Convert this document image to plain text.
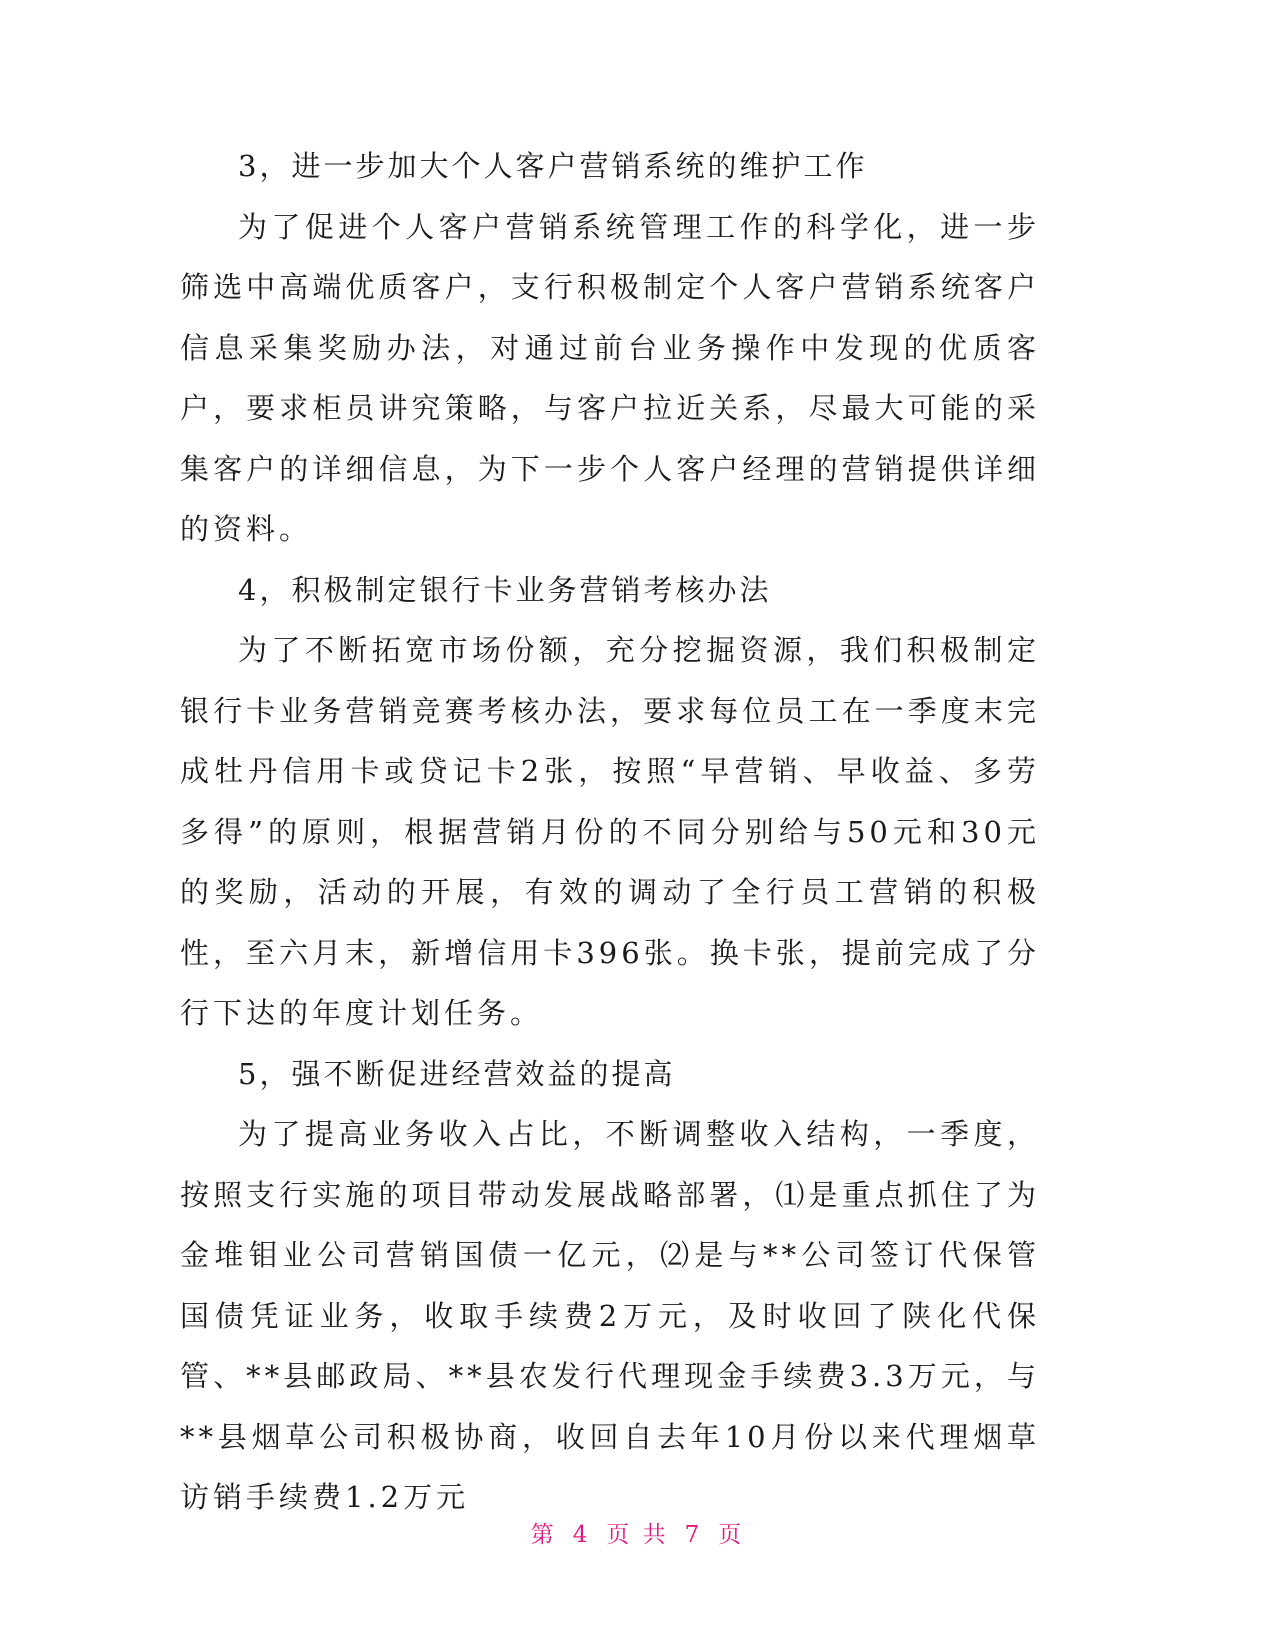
3，进一步加大个人客户营销系统的维护工作

为了促进个人客户营销系统管理工作的科学化，进一步筛选中高端优质客户，支行积极制定个人客户营销系统客户信息采集奖励办法，对通过前台业务操作中发现的优质客户，要求柜员讲究策略，与客户拉近关系，尽最大可能的采集客户的详细信息，为下一步个人客户经理的营销提供详细的资料。

4，积极制定银行卡业务营销考核办法

为了不断拓宽市场份额，充分挖掘资源，我们积极制定银行卡业务营销竞赛考核办法，要求每位员工在一季度末完成牡丹信用卡或贷记卡2张，按照“早营销、早收益、多劳多得”的原则，根据营销月份的不同分别给与50元和30元的奖励，活动的开展，有效的调动了全行员工营销的积极性，至六月末，新增信用卡396张。换卡张，提前完成了分行下达的年度计划任务。

5，强不断促进经营效益的提高

为了提高业务收入占比，不断调整收入结构，一季度，按照支行实施的项目带动发展战略部署，⑴是重点抓住了为金堆钼业公司营销国债一亿元，⑵是与**公司签订代保管国债凭证业务，收取手续费2万元，及时收回了陕化代保管、**县邮政局、**县农发行代理现金手续费3.3万元，与**县烟草公司积极协商，收回自去年10月份以来代理烟草访销手续费1.2万元

第 4 页 共 7 页
